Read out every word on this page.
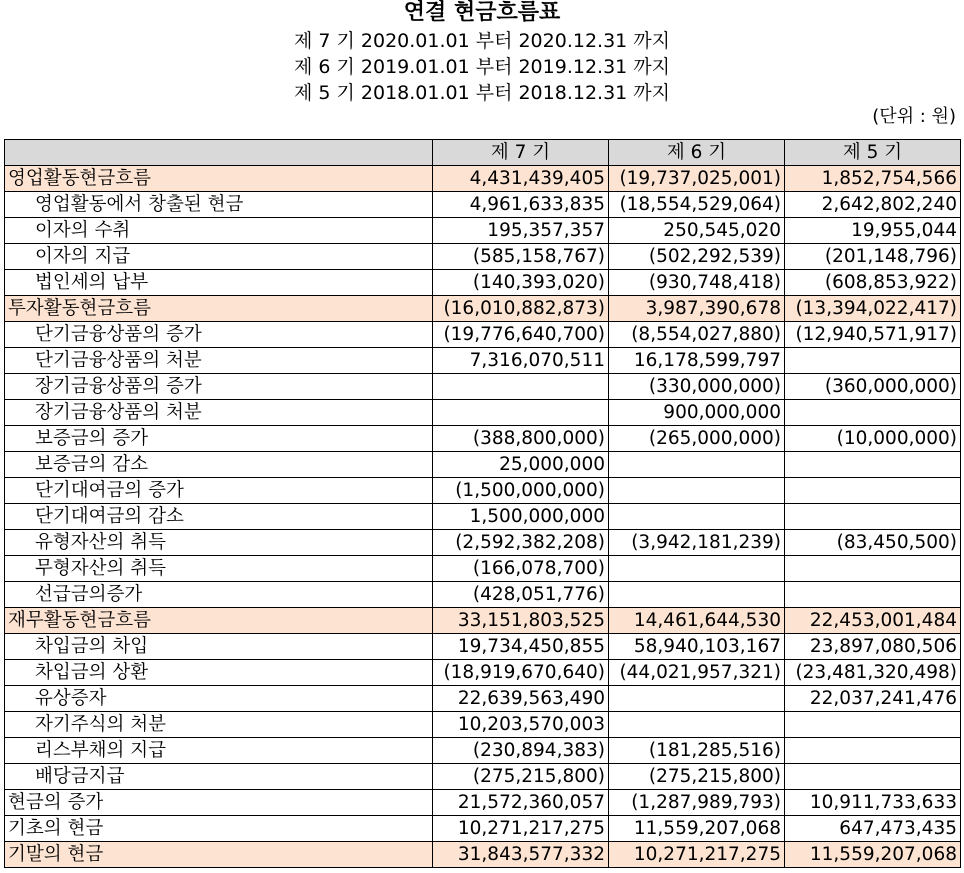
연결 현금흐름표
제 7 기 2020.01.01 부터 2020.12.31 까지
제 6 기 2019.01.01 부터 2019.12.31 까지
제 5 기 2018.01.01 부터 2018.12.31 까지
(단위 : 원)
	제 7 기	제 6 기	제 5 기
영업활동현금흐름	4,431,439,405	(19,737,025,001)	1,852,754,566
영업활동에서 창출된 현금	4,961,633,835	(18,554,529,064)	2,642,802,240
이자의 수취	195,357,357	250,545,020	19,955,044
이자의 지급	(585,158,767)	(502,292,539)	(201,148,796)
법인세의 납부	(140,393,020)	(930,748,418)	(608,853,922)
투자활동현금흐름	(16,010,882,873)	3,987,390,678	(13,394,022,417)
단기금융상품의 증가	(19,776,640,700)	(8,554,027,880)	(12,940,571,917)
단기금융상품의 처분	7,316,070,511	16,178,599,797	
장기금융상품의 증가		(330,000,000)	(360,000,000)
장기금융상품의 처분		900,000,000	
보증금의 증가	(388,800,000)	(265,000,000)	(10,000,000)
보증금의 감소	25,000,000		
단기대여금의 증가	(1,500,000,000)		
단기대여금의 감소	1,500,000,000		
유형자산의 취득	(2,592,382,208)	(3,942,181,239)	(83,450,500)
무형자산의 취득	(166,078,700)		
선급금의증가	(428,051,776)		
재무활동현금흐름	33,151,803,525	14,461,644,530	22,453,001,484
차입금의 차입	19,734,450,855	58,940,103,167	23,897,080,506
차입금의 상환	(18,919,670,640)	(44,021,957,321)	(23,481,320,498)
유상증자	22,639,563,490		22,037,241,476
자기주식의 처분	10,203,570,003		
리스부채의 지급	(230,894,383)	(181,285,516)	
배당금지급	(275,215,800)	(275,215,800)	
현금의 증가	21,572,360,057	(1,287,989,793)	10,911,733,633
기초의 현금	10,271,217,275	11,559,207,068	647,473,435
기말의 현금	31,843,577,332	10,271,217,275	11,559,207,068
